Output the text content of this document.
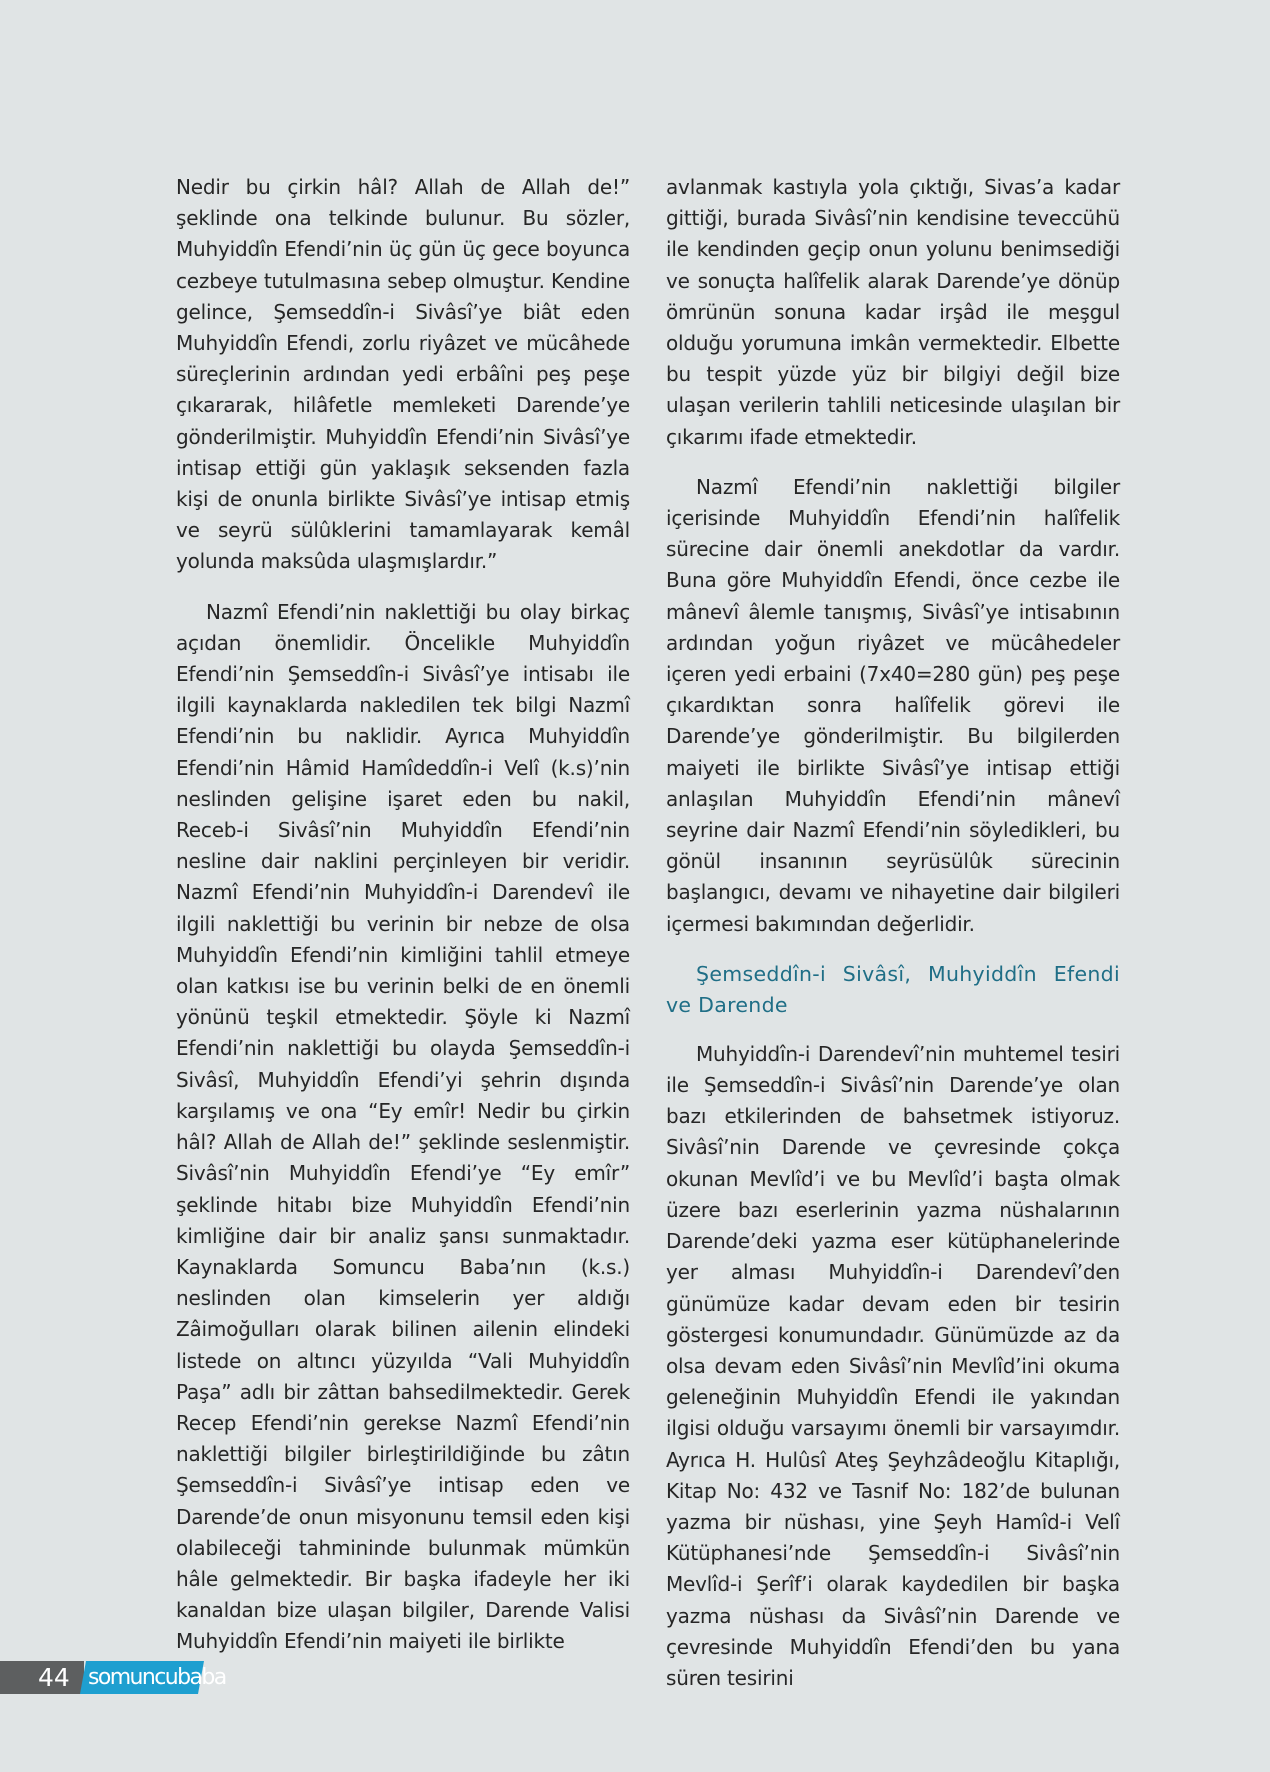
Nedir bu çirkin hâl? Allah de Allah de!” şeklinde ona telkinde bulunur. Bu sözler, Muhyiddîn Efendi’nin üç gün üç gece boyunca cezbeye tutulmasına sebep olmuştur. Kendine gelince, Şemseddîn-i Sivâsî’ye biât eden Muhyiddîn Efendi, zorlu riyâzet ve mücâhede süreçlerinin ardından yedi erbâîni peş peşe çıkararak, hilâfetle memleketi Darende’ye gönderilmiştir. Muhyiddîn Efendi’nin Sivâsî’ye intisap ettiği gün yaklaşık seksenden fazla kişi de onunla birlikte Sivâsî’ye intisap etmiş ve seyrü sülûklerini tamamlayarak kemâl yolunda maksûda ulaşmışlardır.”

Nazmî Efendi’nin naklettiği bu olay birkaç açıdan önemlidir. Öncelikle Muhyiddîn Efendi’nin Şemseddîn-i Sivâsî’ye intisabı ile ilgili kaynaklarda nakledilen tek bilgi Nazmî Efendi’nin bu naklidir. Ayrıca Muhyiddîn Efendi’nin Hâmid Hamîdeddîn-i Velî (k.s)’nin neslinden gelişine işaret eden bu nakil, Receb-i Sivâsî’nin Muhyiddîn Efendi’nin nesline dair naklini perçinleyen bir veridir. Nazmî Efendi’nin Muhyiddîn-i Darendevî ile ilgili naklettiği bu verinin bir nebze de olsa Muhyiddîn Efendi’nin kimliğini tahlil etmeye olan katkısı ise bu verinin belki de en önemli yönünü teşkil etmektedir. Şöyle ki Nazmî Efendi’nin naklettiği bu olayda Şemseddîn-i Sivâsî, Muhyiddîn Efendi’yi şehrin dışında karşılamış ve ona “Ey emîr! Nedir bu çirkin hâl? Allah de Allah de!” şeklinde seslenmiştir. Sivâsî’nin Muhyiddîn Efendi’ye “Ey emîr” şeklinde hitabı bize Muhyiddîn Efendi’nin kimliğine dair bir analiz şansı sunmaktadır. Kaynaklarda Somuncu Baba’nın (k.s.) neslinden olan kimselerin yer aldığı Zâimoğulları olarak bilinen ailenin elindeki listede on altıncı yüzyılda “Vali Muhyiddîn Paşa” adlı bir zâttan bahsedilmektedir. Gerek Recep Efendi’nin gerekse Nazmî Efendi’nin naklettiği bilgiler birleştirildiğinde bu zâtın Şemseddîn-i Sivâsî’ye intisap eden ve Darende’de onun misyonunu temsil eden kişi olabileceği tahmininde bulunmak mümkün hâle gelmektedir. Bir başka ifadeyle her iki kanaldan bize ulaşan bilgiler, Darende Valisi Muhyiddîn Efendi’nin maiyeti ile birlikte

avlanmak kastıyla yola çıktığı, Sivas’a kadar gittiği, burada Sivâsî’nin kendisine teveccühü ile kendinden geçip onun yolunu benimsediği ve sonuçta halîfelik alarak Darende’ye dönüp ömrünün sonuna kadar irşâd ile meşgul olduğu yorumuna imkân vermektedir. Elbette bu tespit yüzde yüz bir bilgiyi değil bize ulaşan verilerin tahlili neticesinde ulaşılan bir çıkarımı ifade etmektedir.

Nazmî Efendi’nin naklettiği bilgiler içerisinde Muhyiddîn Efendi’nin halîfelik sürecine dair önemli anekdotlar da vardır. Buna göre Muhyiddîn Efendi, önce cezbe ile mânevî âlemle tanışmış, Sivâsî’ye intisabının ardından yoğun riyâzet ve mücâhedeler içeren yedi erbaini (7x40=280 gün) peş peşe çıkardıktan sonra halîfelik görevi ile Darende’ye gönderilmiştir. Bu bilgilerden maiyeti ile birlikte Sivâsî’ye intisap ettiği anlaşılan Muhyiddîn Efendi’nin mânevî seyrine dair Nazmî Efendi’nin söyledikleri, bu gönül insanının seyrüsülûk sürecinin başlangıcı, devamı ve nihayetine dair bilgileri içermesi bakımından değerlidir.

Şemseddîn-i Sivâsî, Muhyiddîn Efendi ve Darende

Muhyiddîn-i Darendevî’nin muhtemel tesiri ile Şemseddîn-i Sivâsî’nin Darende’ye olan bazı etkilerinden de bahsetmek istiyoruz. Sivâsî’nin Darende ve çevresinde çokça okunan Mevlîd’i ve bu Mevlîd’i başta olmak üzere bazı eserlerinin yazma nüshalarının Darende’deki yazma eser kütüphanelerinde yer alması Muhyiddîn-i Darendevî’den günümüze kadar devam eden bir tesirin göstergesi konumundadır. Günümüzde az da olsa devam eden Sivâsî’nin Mevlîd’ini okuma geleneğinin Muhyiddîn Efendi ile yakından ilgisi olduğu varsayımı önemli bir varsayımdır. Ayrıca H. Hulûsî Ateş Şeyhzâdeoğlu Kitaplığı, Kitap No: 432 ve Tasnif No: 182’de bulunan yazma bir nüshası, yine Şeyh Hamîd-i Velî Kütüphanesi’nde Şemseddîn-i Sivâsî’nin Mevlîd-i Şerîf’i olarak kaydedilen bir başka yazma nüshası da Sivâsî’nin Darende ve çevresinde Muhyiddîn Efendi’den bu yana süren tesirini

44 somuncubaba
